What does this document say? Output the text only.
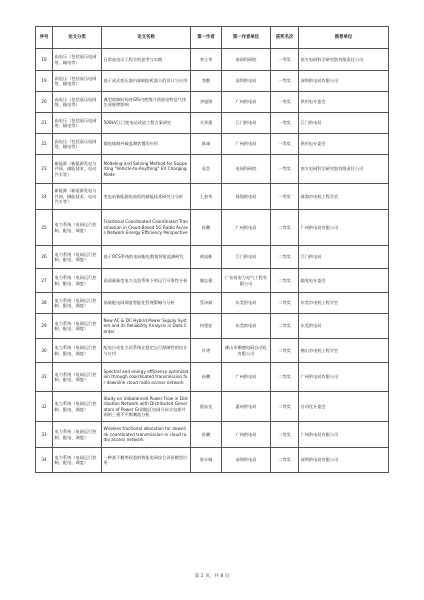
序号	论文分类	论文名称	第一作者	第一作者单位	获奖名次	推荐单位
18	高电压（包括高压电网络、输电等）	日常高电压工程学的思考与实践	李立华	南网科研院	一等奖	南方电网科学研究院有限责任公司
19	高电压（包括高压电网络、输电等）	基于成式变压器内部缺陷机器人的设计与应用	李勤	深圳供电局	一等奖	深圳供电局有限公司
20	高电压（包括高压电网络、输电等）	典型故障时间对GIS内绝缘介质放电特征气体生成规律影响	齐旭锋	广州供电局	一等奖	供用电专委会
21	高电压（包括高压电网络、输电等）	500kV江门变电站改造工程方案研究	关华强	江门供电局	一等奖	江门供电局
22	高电压（包括高压电网络、输电等）	输电线路外破监测装置的应用	陈诚	广州供电局	一等奖	供用电专委会
23	新能源（新能源发电与并网、储能技术、电动汽车等）	Modeling and Solving Method for Supporting "Vehicle-to-Anything" EV Charging Mode	袁浩	电网科研院	一等奖	南方电网科学研究院有限责任公司
24	新能源（新能源发电与并网、储能技术、电动汽车等）	变电站新能源电池柜的储能技术研究与分析	王金华	珠海供电局	一等奖	珠海市电机工程学会
25	电力系统（电网运行控制、配电、调度）	Fractional Coordinated Coordinated Transmission in Cloud-Based 5G Radio Access Network Energy Efficiency Perspective	孙鹏	广州供电局	二等奖	广州供电局有限公司
26	电力系统（电网运行控制、配电、调度）	基于OCS系统的电网配电数据智能监测研究	黄国栋	江门供电局	二等奖	江门供电局
27	电力系统（电网运行控制、配电、调度）	高质量新型电力交流系统下的运行可靠性分析	谢志强	广东省电力电气工程有限公司	二等奖	输变电专委会
28	电力系统（电网运行控制、配电、调度）	基础配电网调度智能化管理策略与分析	蔡泽斌	东莞供电局	二等奖	东莞市电机工程学会
29	电力系统（电网运行控制、配电、调度）	New AC & DC Hybrid Power Supply System and its Reliability Analysis in Data Center	何建安	东莞供电局	二等奖	东莞供电局
30	电力系统（电网运行控制、配电、调度）	配电自动化主站系统在稳定运行保障性的设计与应用	许勇	佛山市顺德电网自动化有限公司	二等奖	佛山市电机工程学会
31	电力系统（电网运行控制、配电、调度）	Spectral and energy efficiency optimization through coordinated transmission for downlink cloud radio access network	孙鹏	广州供电局	二等奖	广州供电局有限公司
32	电力系统（电网运行控制、配电、调度）	Study on Unbalanced Power Flow in Distribution Network with Distributed Generators of Power Grid地区电网分布式电源并网的三相不平衡潮流分析	倪泳龙	惠州供电局	二等奖	自动化专委会
33	电力系统（电网运行控制、配电、调度）	Wireless fractional allocation for downlink coordinated transmission in cloud radio access network	孙鹏	广州供电局	二等奖	广州供电局有限公司
34	电力系统（电网运行控制、配电、调度）	一种基于概率权重的智能电网综合评价模型应用	詹丰城	深圳供电局	二等奖	深圳供电局有限公司
第 2 页，共 8 页
